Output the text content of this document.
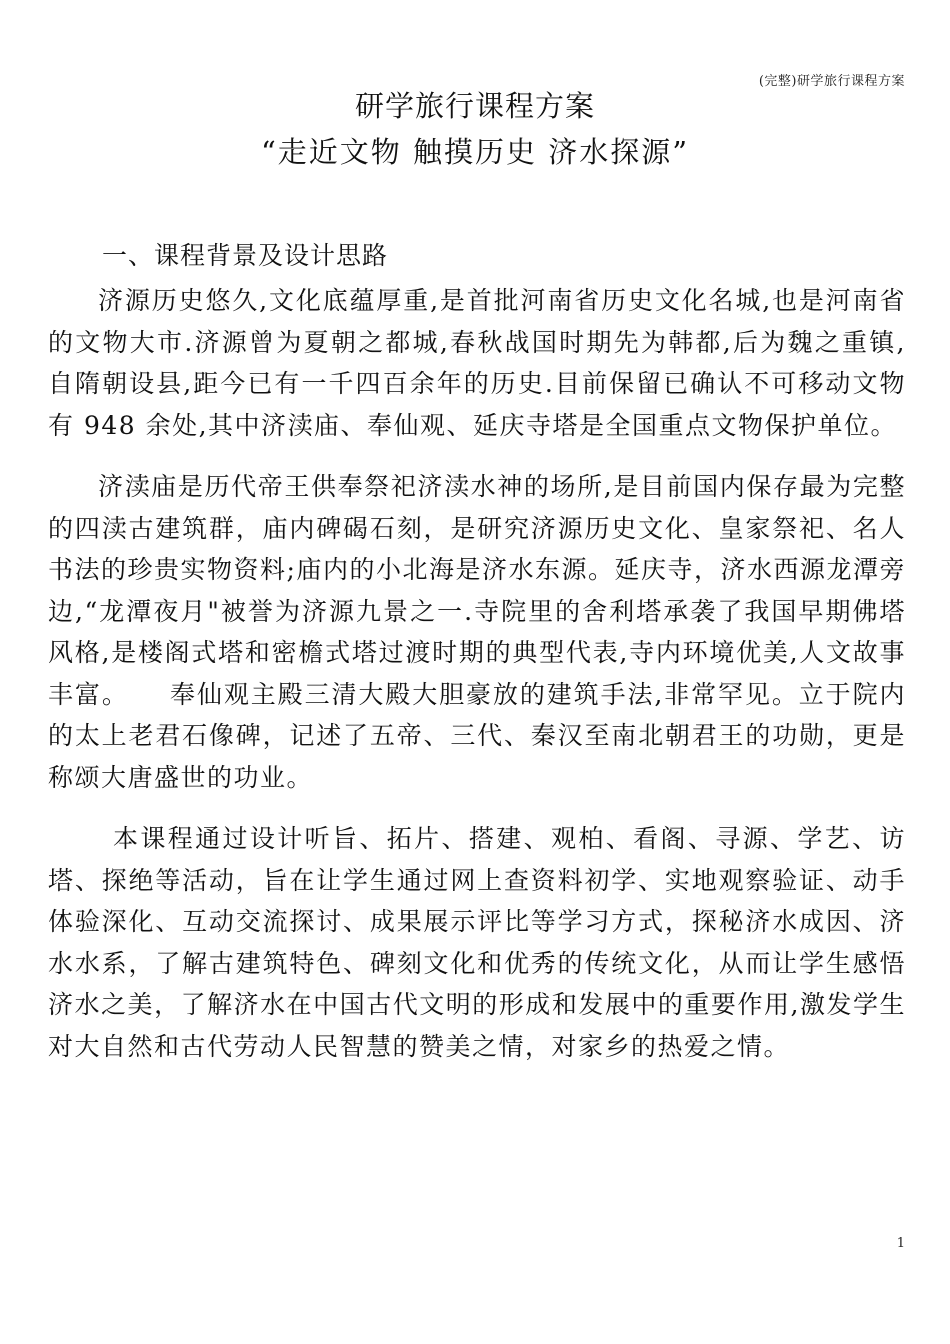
(完整)研学旅行课程方案
研学旅行课程方案
“走近文物 触摸历史 济水探源”
一、课程背景及设计思路

济源历史悠久,文化底蕴厚重,是首批河南省历史文化名城,也是河南省的文物大市.济源曾为夏朝之都城,春秋战国时期先为韩都,后为魏之重镇,自隋朝设县,距今已有一千四百余年的历史.目前保留已确认不可移动文物有 948 余处,其中济渎庙、奉仙观、延庆寺塔是全国重点文物保护单位。

济渎庙是历代帝王供奉祭祀济渎水神的场所,是目前国内保存最为完整的四渎古建筑群，庙内碑碣石刻，是研究济源历史文化、皇家祭祀、名人书法的珍贵实物资料;庙内的小北海是济水东源。延庆寺，济水西源龙潭旁边,“龙潭夜月"被誉为济源九景之一.寺院里的舍利塔承袭了我国早期佛塔风格,是楼阁式塔和密檐式塔过渡时期的典型代表,寺内环境优美,人文故事丰富。　　奉仙观主殿三清大殿大胆豪放的建筑手法,非常罕见。立于院内的太上老君石像碑，记述了五帝、三代、秦汉至南北朝君王的功勋，更是称颂大唐盛世的功业。

本课程通过设计听旨、拓片、搭建、观柏、看阁、寻源、学艺、访塔、探绝等活动，旨在让学生通过网上查资料初学、实地观察验证、动手体验深化、互动交流探讨、成果展示评比等学习方式，探秘济水成因、济水水系，了解古建筑特色、碑刻文化和优秀的传统文化，从而让学生感悟济水之美，了解济水在中国古代文明的形成和发展中的重要作用,激发学生对大自然和古代劳动人民智慧的赞美之情，对家乡的热爱之情。

1
